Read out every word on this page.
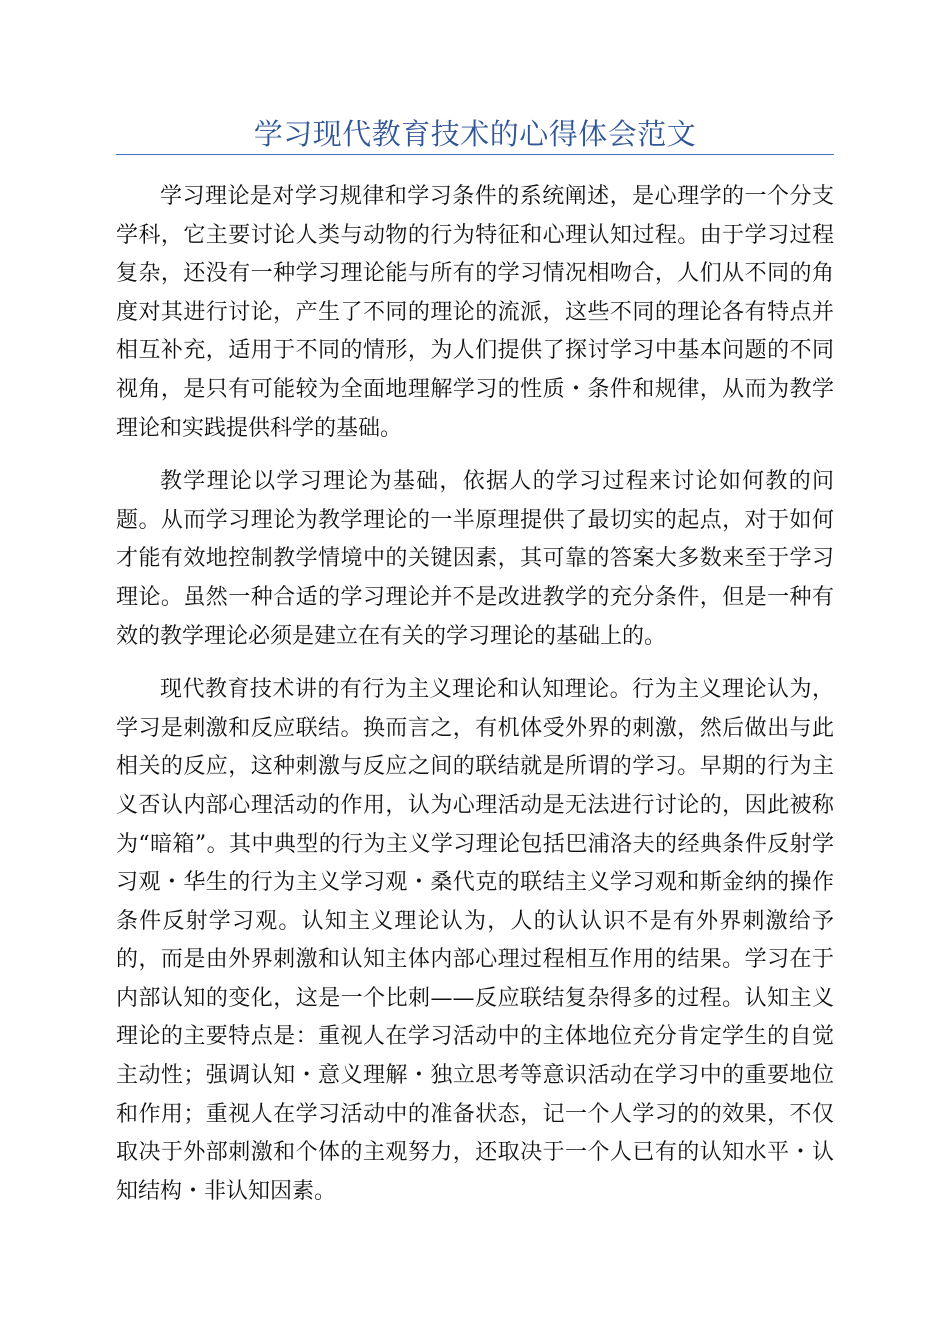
学习现代教育技术的心得体会范文

学习理论是对学习规律和学习条件的系统阐述，是心理学的一个分支学科，它主要讨论人类与动物的行为特征和心理认知过程。由于学习过程复杂，还没有一种学习理论能与所有的学习情况相吻合，人们从不同的角度对其进行讨论，产生了不同的理论的流派，这些不同的理论各有特点并相互补充，适用于不同的情形，为人们提供了探讨学习中基本问题的不同视角，是只有可能较为全面地理解学习的性质・条件和规律，从而为教学理论和实践提供科学的基础。

教学理论以学习理论为基础，依据人的学习过程来讨论如何教的问题。从而学习理论为教学理论的一半原理提供了最切实的起点，对于如何才能有效地控制教学情境中的关键因素，其可靠的答案大多数来至于学习理论。虽然一种合适的学习理论并不是改进教学的充分条件，但是一种有效的教学理论必须是建立在有关的学习理论的基础上的。

现代教育技术讲的有行为主义理论和认知理论。行为主义理论认为，学习是刺激和反应联结。换而言之，有机体受外界的刺激，然后做出与此相关的反应，这种刺激与反应之间的联结就是所谓的学习。早期的行为主义否认内部心理活动的作用，认为心理活动是无法进行讨论的，因此被称为“暗箱”。其中典型的行为主义学习理论包括巴浦洛夫的经典条件反射学习观・华生的行为主义学习观・桑代克的联结主义学习观和斯金纳的操作条件反射学习观。认知主义理论认为，人的认认识不是有外界刺激给予的，而是由外界刺激和认知主体内部心理过程相互作用的结果。学习在于内部认知的变化，这是一个比刺——反应联结复杂得多的过程。认知主义理论的主要特点是：重视人在学习活动中的主体地位充分肯定学生的自觉主动性；强调认知・意义理解・独立思考等意识活动在学习中的重要地位和作用；重视人在学习活动中的准备状态，记一个人学习的的效果，不仅取决于外部刺激和个体的主观努力，还取决于一个人已有的认知水平・认知结构・非认知因素。
